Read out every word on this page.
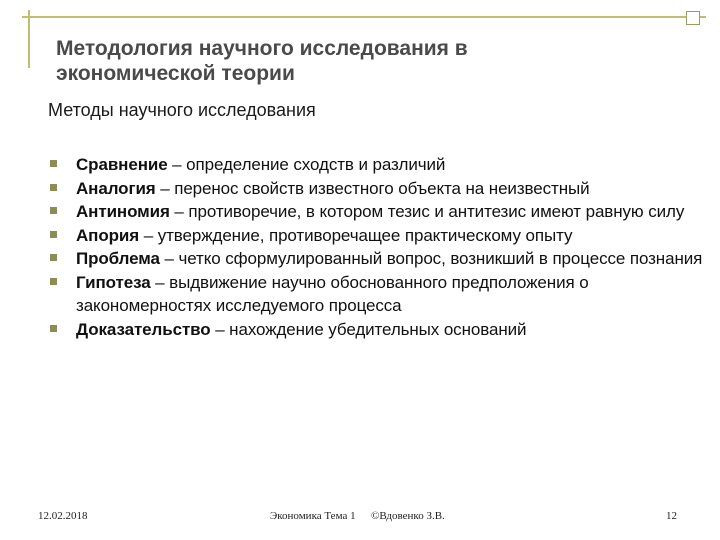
Методология научного исследования в экономической теории
Методы научного исследования
Сравнение – определение сходств и различий
Аналогия – перенос свойств известного объекта на неизвестный
Антиномия – противоречие, в котором тезис и антитезис имеют равную силу
Апория – утверждение, противоречащее практическому опыту
Проблема – четко сформулированный вопрос, возникший в процессе познания
Гипотеза – выдвижение научно обоснованного предположения о закономерностях исследуемого процесса
Доказательство – нахождение убедительных оснований
12.02.2018	Экономика Тема 1 ©Вдовенко З.В.	12
